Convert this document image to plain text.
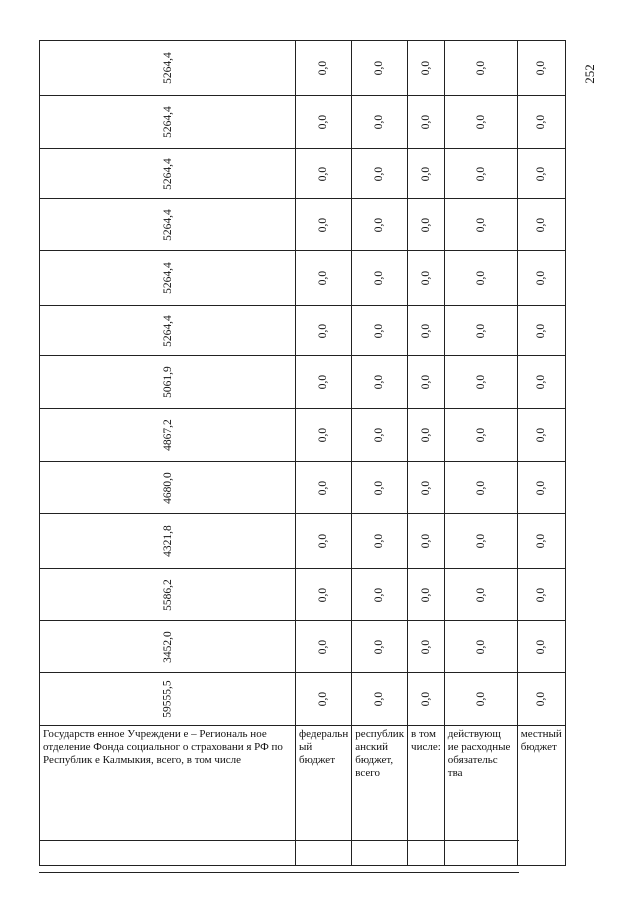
252
5264,4	0,0	0,0	0,0	0,0	0,0
5264,4	0,0	0,0	0,0	0,0	0,0
5264,4	0,0	0,0	0,0	0,0	0,0
5264,4	0,0	0,0	0,0	0,0	0,0
5264,4	0,0	0,0	0,0	0,0	0,0
5264,4	0,0	0,0	0,0	0,0	0,0
5061,9	0,0	0,0	0,0	0,0	0,0
4867,2	0,0	0,0	0,0	0,0	0,0
4680,0	0,0	0,0	0,0	0,0	0,0
4321,8	0,0	0,0	0,0	0,0	0,0
5586,2	0,0	0,0	0,0	0,0	0,0
3452,0	0,0	0,0	0,0	0,0	0,0
59555,5	0,0	0,0	0,0	0,0	0,0
Государств енное Учреждени е – Региональ ное отделение Фонда социальног о страховани я РФ по Республик е Калмыкия, всего, в том числе	федеральн ый бюджет	республик анский бюджет, всего	в том числе:	действующ ие расходные обязательс тва	местный бюджет
